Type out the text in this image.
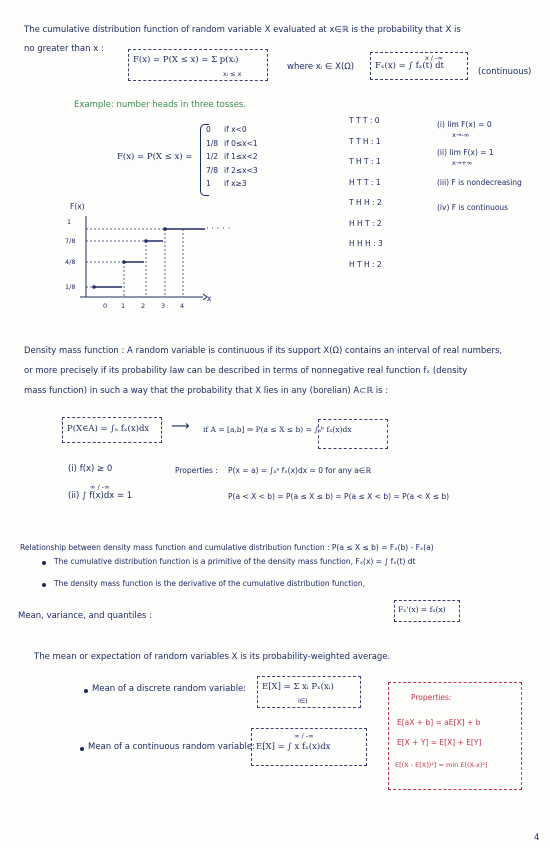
The cumulative distribution function of random variable X evaluated at x∈ℝ is the probability that X is
no greater than x :
F(x) = P(X ≤ x) = Σ p(xᵢ)
xᵢ ≤ x
where xᵢ ∈ X(Ω) Fₓ(x) = ∫ fₓ(t) dt
x / -∞
(continuous)
Example: number heads in three tosses.
F(x) = P(X ≤ x) =
0 if x<0
1/8 if 0≤x<1
1/2 if 1≤x<2
7/8 if 2≤x<3
1 if x≥3
F(x)
x
· · · · ·
1
7/8
4/8
1/8
0 1 2 3 4
T T T : 0
T T H : 1
T H T : 1
H T T : 1
T H H : 2
H H T : 2
H H H : 3
H T H : 2
(i) lim F(x) = 0
x→-∞
(ii) lim F(x) = 1
x→+∞
(iii) F is nondecreasing
(iv) F is continuous
Density mass function : A random variable is continuous if its support X(Ω) contains an interval of real numbers,
or more precisely if its probability law can be described in terms of nonnegative real function fₓ (density
mass function) in such a way that the probability that X lies in any (borelian) A⊂ℝ is :
P(X∈A) = ∫ₐ fₓ(x)dx ⟶ if A = [a,b] ⇒ P(a ≤ X ≤ b) = ∫ₐᵇ fₓ(x)dx
(i) f(x) ≥ 0
(ii) ∫ f(x)dx = 1
∞ / -∞
Properties : P(x = a) = ∫ₐᵃ fₓ(x)dx = 0 for any a∈ℝ
P(a < X < b) = P(a ≤ X ≤ b) = P(a ≤ X < b) = P(a < X ≤ b)
Relationship between density mass function and cumulative distribution function : P(a ≤ X ≤ b) = Fₓ(b) - Fₓ(a)
The cumulative distribution function is a primitive of the density mass function, Fₓ(x) = ∫ fₓ(t) dt
The density mass function is the derivative of the cumulative distribution function,
Fₓ'(x) = fₓ(x)
Mean, variance, and quantiles :
The mean or expectation of random variables X is its probability-weighted average.
Mean of a discrete random variable: E[X] = Σ xᵢ Pₓ(xᵢ)
i∈I
Mean of a continuous random variable: E[X] = ∫ x fₓ(x)dx
∞ / -∞
Properties:
E[aX + b] = aE[X] + b
E[X + Y] = E[X] + E[Y]
E[(X - E[X])²] = min E[(X-x)²]
4
